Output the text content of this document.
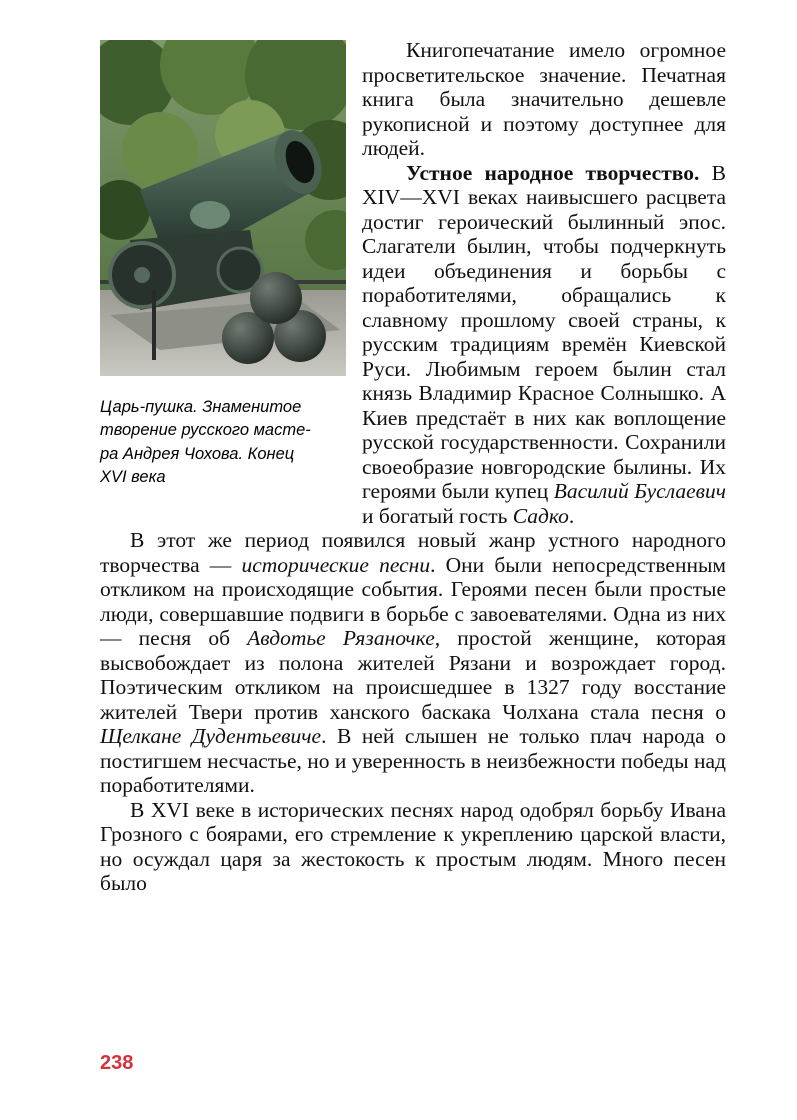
Царь-пушка. Знаменитое
творение русского масте-
ра Андрея Чохова. Конец
XVI века

Книгопечатание имело огромное просветительское значение. Печатная книга была значительно дешевле рукописной и поэтому доступнее для людей.

Устное народное творчество. В XIV—XVI веках наивысшего расцвета достиг героический былинный эпос. Слагатели былин, чтобы подчеркнуть идеи объединения и борьбы с поработителями, обращались к славному прошлому своей страны, к русским традициям времён Киевской Руси. Любимым героем былин стал князь Владимир Красное Солнышко. А Киев предстаёт в них как воплощение русской государственности. Сохранили своеобразие новгородские былины. Их героями были купец Василий Буслаевич и богатый гость Садко.

В этот же период появился новый жанр устного народного творчества — исторические песни. Они были непосредственным откликом на происходящие события. Героями песен были простые люди, совершавшие подвиги в борьбе с завоевателями. Одна из них — песня об Авдотье Рязаночке, простой женщине, которая высвобождает из полона жителей Рязани и возрождает город. Поэтическим откликом на происшедшее в 1327 году восстание жителей Твери против ханского баскака Чолхана стала песня о Щелкане Дудентьевиче. В ней слышен не только плач народа о постигшем несчастье, но и уверенность в неизбежности победы над поработителями.

В XVI веке в исторических песнях народ одобрял борьбу Ивана Грозного с боярами, его стремление к укреплению царской власти, но осуждал царя за жестокость к простым людям. Много песен было

238
